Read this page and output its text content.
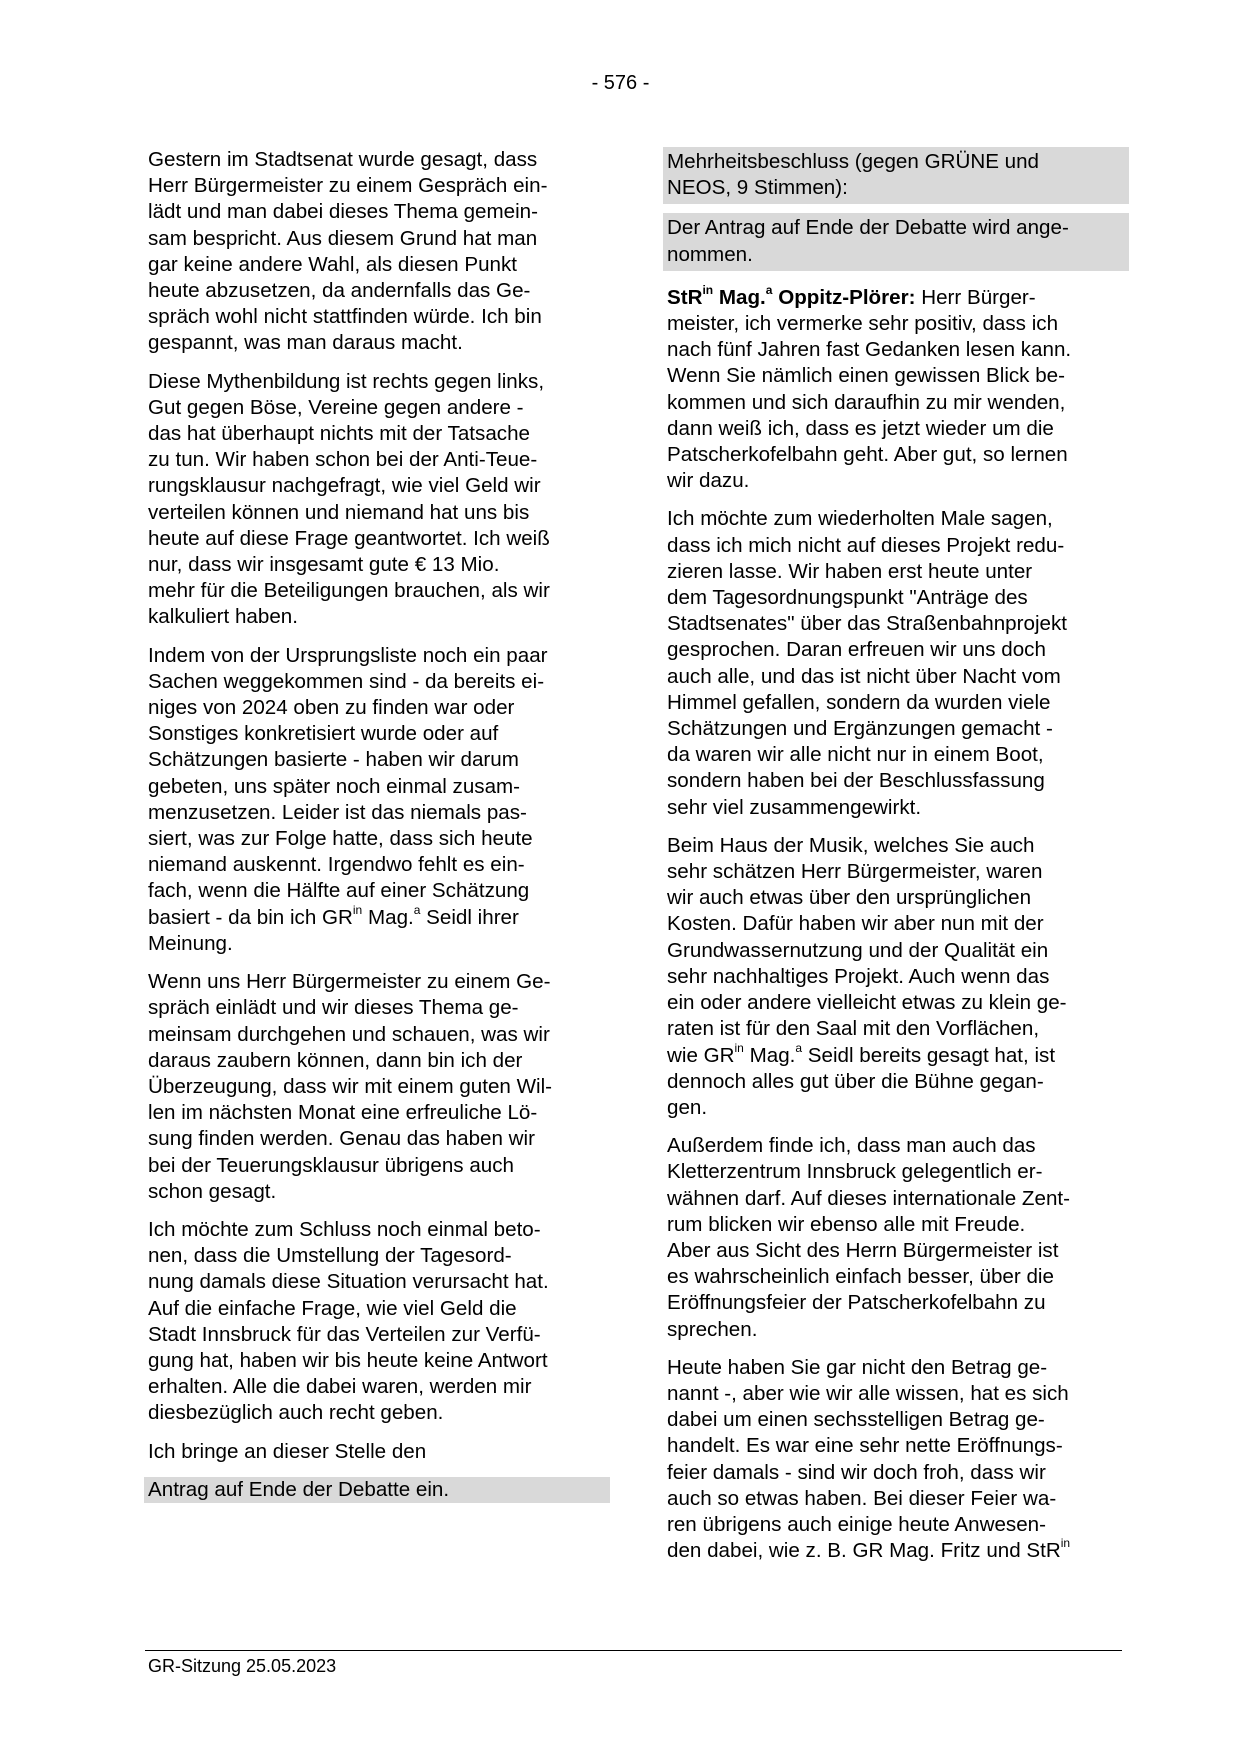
- 576 -
Gestern im Stadtsenat wurde gesagt, dass
Herr Bürgermeister zu einem Gespräch ein-
lädt und man dabei dieses Thema gemein-
sam bespricht. Aus diesem Grund hat man
gar keine andere Wahl, als diesen Punkt
heute abzusetzen, da andernfalls das Ge-
spräch wohl nicht stattfinden würde. Ich bin
gespannt, was man daraus macht.
Diese Mythenbildung ist rechts gegen links,
Gut gegen Böse, Vereine gegen andere -
das hat überhaupt nichts mit der Tatsache
zu tun. Wir haben schon bei der Anti-Teue-
rungsklausur nachgefragt, wie viel Geld wir
verteilen können und niemand hat uns bis
heute auf diese Frage geantwortet. Ich weiß
nur, dass wir insgesamt gute € 13 Mio.
mehr für die Beteiligungen brauchen, als wir
kalkuliert haben.
Indem von der Ursprungsliste noch ein paar
Sachen weggekommen sind - da bereits ei-
niges von 2024 oben zu finden war oder
Sonstiges konkretisiert wurde oder auf
Schätzungen basierte - haben wir darum
gebeten, uns später noch einmal zusam-
menzusetzen. Leider ist das niemals pas-
siert, was zur Folge hatte, dass sich heute
niemand auskennt. Irgendwo fehlt es ein-
fach, wenn die Hälfte auf einer Schätzung
basiert - da bin ich $GR^{in}$ Mag.$^a$ Seidl ihrer
Meinung.
Wenn uns Herr Bürgermeister zu einem Ge-
spräch einlädt und wir dieses Thema ge-
meinsam durchgehen und schauen, was wir
daraus zaubern können, dann bin ich der
Überzeugung, dass wir mit einem guten Wil-
len im nächsten Monat eine erfreuliche Lö-
sung finden werden. Genau das haben wir
bei der Teuerungsklausur übrigens auch
schon gesagt.
Ich möchte zum Schluss noch einmal beto-
nen, dass die Umstellung der Tagesord-
nung damals diese Situation verursacht hat.
Auf die einfache Frage, wie viel Geld die
Stadt Innsbruck für das Verteilen zur Verfü-
gung hat, haben wir bis heute keine Antwort
erhalten. Alle die dabei waren, werden mir
diesbezüglich auch recht geben.
Ich bringe an dieser Stelle den
Antrag auf Ende der Debatte ein.
Mehrheitsbeschluss (gegen GRÜNE und
NEOS, 9 Stimmen):
Der Antrag auf Ende der Debatte wird ange-
nommen.
StR$^{in}$ Mag.$^a$ Oppitz-Plörer: Herr Bürger-
meister, ich vermerke sehr positiv, dass ich
nach fünf Jahren fast Gedanken lesen kann.
Wenn Sie nämlich einen gewissen Blick be-
kommen und sich daraufhin zu mir wenden,
dann weiß ich, dass es jetzt wieder um die
Patscherkofelbahn geht. Aber gut, so lernen
wir dazu.
Ich möchte zum wiederholten Male sagen,
dass ich mich nicht auf dieses Projekt redu-
zieren lasse. Wir haben erst heute unter
dem Tagesordnungspunkt "Anträge des
Stadtsenates" über das Straßenbahnprojekt
gesprochen. Daran erfreuen wir uns doch
auch alle, und das ist nicht über Nacht vom
Himmel gefallen, sondern da wurden viele
Schätzungen und Ergänzungen gemacht -
da waren wir alle nicht nur in einem Boot,
sondern haben bei der Beschlussfassung
sehr viel zusammengewirkt.
Beim Haus der Musik, welches Sie auch
sehr schätzen Herr Bürgermeister, waren
wir auch etwas über den ursprünglichen
Kosten. Dafür haben wir aber nun mit der
Grundwassernutzung und der Qualität ein
sehr nachhaltiges Projekt. Auch wenn das
ein oder andere vielleicht etwas zu klein ge-
raten ist für den Saal mit den Vorflächen,
wie $GR^{in}$ Mag.$^a$ Seidl bereits gesagt hat, ist
dennoch alles gut über die Bühne gegan-
gen.
Außerdem finde ich, dass man auch das
Kletterzentrum Innsbruck gelegentlich er-
wähnen darf. Auf dieses internationale Zent-
rum blicken wir ebenso alle mit Freude.
Aber aus Sicht des Herrn Bürgermeister ist
es wahrscheinlich einfach besser, über die
Eröffnungsfeier der Patscherkofelbahn zu
sprechen.
Heute haben Sie gar nicht den Betrag ge-
nannt -, aber wie wir alle wissen, hat es sich
dabei um einen sechsstelligen Betrag ge-
handelt. Es war eine sehr nette Eröffnungs-
feier damals - sind wir doch froh, dass wir
auch so etwas haben. Bei dieser Feier wa-
ren übrigens auch einige heute Anwesen-
den dabei, wie z. B. GR Mag. Fritz und StR$^{in}$
GR-Sitzung 25.05.2023
